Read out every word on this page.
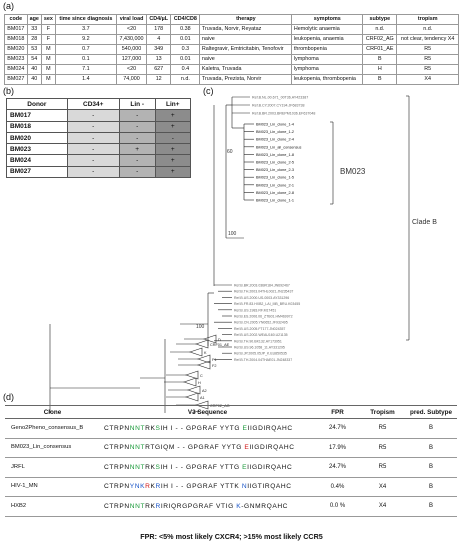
(a)
(b)	(c)
(d)
code	age	sex	time since diagnosis	viral load	CD4/µL	CD4/CD8	therapy	symptoms	subtype	tropism
BM017	33	F	3.7	<20	178	0.38	Truvada, Norvir, Reyataz	Hemolytic anaemia	n.d.	n.d.
BM018	28	F	9.2	7,430,000	4	0.01	naive	leukopenia, anaemia	CRF02_AG	not clear, tendency X4
BM020	53	M	0.7	540,000	349	0.3	Raltegravir, Emtricitabin, Tenofovir	thrombopenia	CRF01_AE	R5
BM023	54	M	0.1	127,000	13	0.01	naive	lymphoma	B	R5
BM024	40	M	7.1	<20	627	0.4	Kaletra, Truvada	lymphoma	H	R5
BM027	40	M	1.4	74,000	12	n.d.	Truvada, Prezista, Norvir	leukopenia, thrombopenia	B	X4
Ref.B.NL.00.671_00T36.AY423387
Ref.B.CY.2007.CY194.JF683738
Ref.B.BR.2003.BREPM1036.EF637048
60
BM023_Lin_clone_1-4
BM023_Lin_clone_1-2
BM023_Lin_clone_2-4
BM023_Lin_all_consensus
BM023_Lin_clone_1-8
BM023_Lin_clone_2-5
BM023_Lin_clone_2-3
BM023_Lin_clone_1-5
BM023_Lin_clone_2-1
BM023_Lin_clone_2-8
BM023_Lin_clone_1-1
100
BM023
Clade B
Ref.B.BR.2003.03BR184.JN692467
Ref.B.TH.2003.04THL0021.JN235437
Ref.B.US.2000.US-0003.AY331296
Ref.B.FR.83.HXB2_LAI_IIIB_BRU.K03455
Ref.B.US.1983.RF.M17451
Ref.B.ES.2006.06_ZTB01.HM469972
Ref.B.CN.2005.YN0652.JF932495
Ref.B.US.2005.FT177.JN024357
Ref.B.US.2002.WEAU160.U21135
Ref.B.TH.90.BK132.AY173951
Ref.B.US.96.1058_11.AY331295
Ref.B.JP.2005.05JP_K.EU850535
Ref.B.TH.2004.04THAE01.JN248337
100
D
CRF01_AE
K
F1
F2
C
H
A2
A1
CRF02_AG
Donor	CD34+	Lin -	Lin+
BM017	-	-	+
BM018	-	-	+
BM020	-	-	-
BM023	-	+	+
BM024	-	-	+
BM027	-	-	+
Clone	V3 Sequence	FPR	Tropism	pred. Subtype
Geno2Pheno_consensus_B	CTRPNNNTRKSIH I - - GPGRAF YYTG EIIGDIRQAHC	24.7%	R5	B
BM023_Lin_consensus	CTRPNNNTRTGIQM - - GPGRAF YYTG EIIGDIRQAHC	17.9%	R5	B
JRFL	CTRPNNNTRKSIH I - - GPGRAF YTTG EIIGDIRQAHC	24.7%	R5	B
HIV-1_MN	CTRPNYNKRKRIH I - - GPGRAF YTTK NIIGTIRQAHC	0.4%	X4	B
HXB2	CTRPNNNTRKRIRIQRGPGRAF VTIG K-GNMRQAHC	0.0 %	X4	B
FPR: <5% most likely CXCR4; >15% most likely CCR5
